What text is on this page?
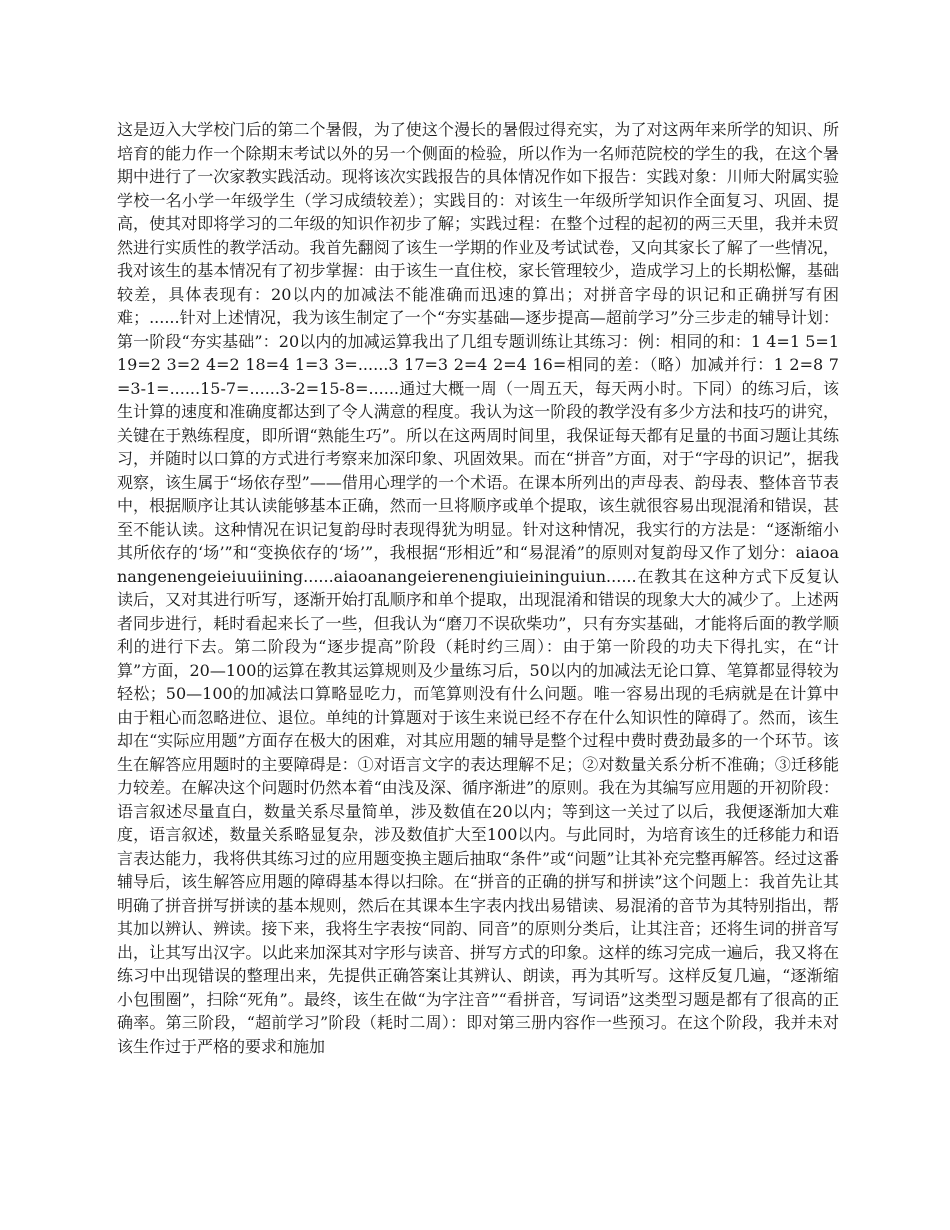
这是迈入大学校门后的第二个暑假，为了使这个漫长的暑假过得充实，为了对这两年来所学的知识、所培育的能力作一个除期末考试以外的另一个侧面的检验，所以作为一名师范院校的学生的我，在这个暑期中进行了一次家教实践活动。现将该次实践报告的具体情况作如下报告：实践对象：川师大附属实验学校一名小学一年级学生（学习成绩较差）；实践目的：对该生一年级所学知识作全面复习、巩固、提高，使其对即将学习的二年级的知识作初步了解；实践过程：在整个过程的起初的两三天里，我并未贸然进行实质性的教学活动。我首先翻阅了该生一学期的作业及考试试卷，又向其家长了解了一些情况，我对该生的基本情况有了初步掌握：由于该生一直住校，家长管理较少，造成学习上的长期松懈，基础较差，具体表现有：20以内的加减法不能准确而迅速的算出；对拼音字母的识记和正确拼写有困难；......针对上述情况，我为该生制定了一个“夯实基础—逐步提高—超前学习”分三步走的辅导计划：第一阶段“夯实基础”：20以内的加减运算我出了几组专题训练让其练习：例：相同的和：1 4=1 5=1 19=2 3=2 4=2 18=4 1=3 3=......3 17=3 2=4 2=4 16=相同的差：（略）加减并行：1 2=8 7=3-1=......15-7=......3-2=15-8=......通过大概一周（一周五天，每天两小时。下同）的练习后，该生计算的速度和准确度都达到了令人满意的程度。我认为这一阶段的教学没有多少方法和技巧的讲究，关键在于熟练程度，即所谓“熟能生巧”。所以在这两周时间里，我保证每天都有足量的书面习题让其练习，并随时以口算的方式进行考察来加深印象、巩固效果。而在“拼音”方面，对于“字母的识记”，据我观察，该生属于“场依存型”——借用心理学的一个术语。在课本所列出的声母表、韵母表、整体音节表中，根据顺序让其认读能够基本正确，然而一旦将顺序或单个提取，该生就很容易出现混淆和错误，甚至不能认读。这种情况在识记复韵母时表现得犹为明显。针对这种情况，我实行的方法是：“逐渐缩小其所依存的‘场’”和“变换依存的‘场’”，我根据“形相近”和“易混淆”的原则对复韵母又作了划分：aiaoanangenengeieiuuiining......aiaoanangeierenengiuieininguiun......在教其在这种方式下反复认读后，又对其进行听写，逐渐开始打乱顺序和单个提取，出现混淆和错误的现象大大的减少了。上述两者同步进行，耗时看起来长了一些，但我认为“磨刀不误砍柴功”，只有夯实基础，才能将后面的教学顺利的进行下去。第二阶段为“逐步提高”阶段（耗时约三周）：由于第一阶段的功夫下得扎实，在“计算”方面，20—100的运算在教其运算规则及少量练习后，50以内的加减法无论口算、笔算都显得较为轻松；50—100的加减法口算略显吃力，而笔算则没有什么问题。唯一容易出现的毛病就是在计算中由于粗心而忽略进位、退位。单纯的计算题对于该生来说已经不存在什么知识性的障碍了。然而，该生却在“实际应用题”方面存在极大的困难，对其应用题的辅导是整个过程中费时费劲最多的一个环节。该生在解答应用题时的主要障碍是：①对语言文字的表达理解不足；②对数量关系分析不准确；③迁移能力较差。在解决这个问题时仍然本着“由浅及深、循序渐进”的原则。我在为其编写应用题的开初阶段：语言叙述尽量直白，数量关系尽量简单，涉及数值在20以内；等到这一关过了以后，我便逐渐加大难度，语言叙述，数量关系略显复杂，涉及数值扩大至100以内。与此同时，为培育该生的迁移能力和语言表达能力，我将供其练习过的应用题变换主题后抽取“条件”或“问题”让其补充完整再解答。经过这番辅导后，该生解答应用题的障碍基本得以扫除。在“拼音的正确的拼写和拼读”这个问题上：我首先让其明确了拼音拼写拼读的基本规则，然后在其课本生字表内找出易错读、易混淆的音节为其特别指出，帮其加以辨认、辨读。接下来，我将生字表按“同韵、同音”的原则分类后，让其注音；还将生词的拼音写出，让其写出汉字。以此来加深其对字形与读音、拼写方式的印象。这样的练习完成一遍后，我又将在练习中出现错误的整理出来，先提供正确答案让其辨认、朗读，再为其听写。这样反复几遍，“逐渐缩小包围圈”，扫除“死角”。最终，该生在做“为字注音”“看拼音，写词语”这类型习题是都有了很高的正确率。第三阶段，“超前学习”阶段（耗时二周）：即对第三册内容作一些预习。在这个阶段，我并未对该生作过于严格的要求和施加
